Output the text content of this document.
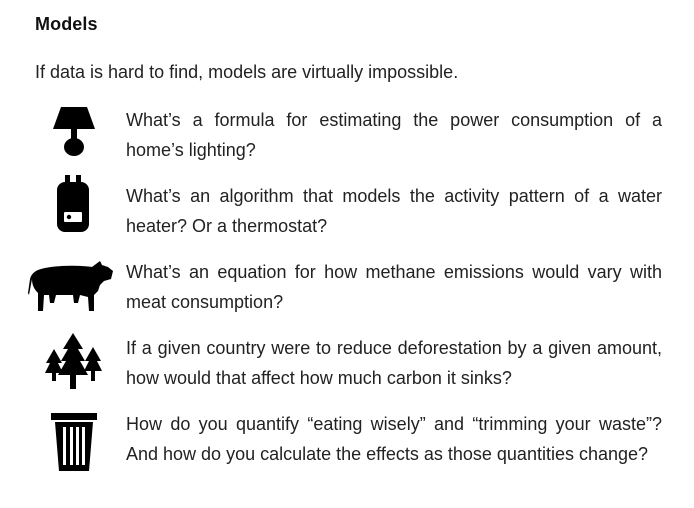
Models
If data is hard to find, models are virtually impossible.
What’s a formula for estimating the power consumption of a home’s lighting?
What’s an algorithm that models the activity pattern of a water heater? Or a thermostat?
What’s an equation for how methane emissions would vary with meat consumption?
If a given country were to reduce deforestation by a given amount, how would that affect how much carbon it sinks?
How do you quantify “eating wisely” and “trimming your waste”? And how do you calculate the effects as those quantities change?
